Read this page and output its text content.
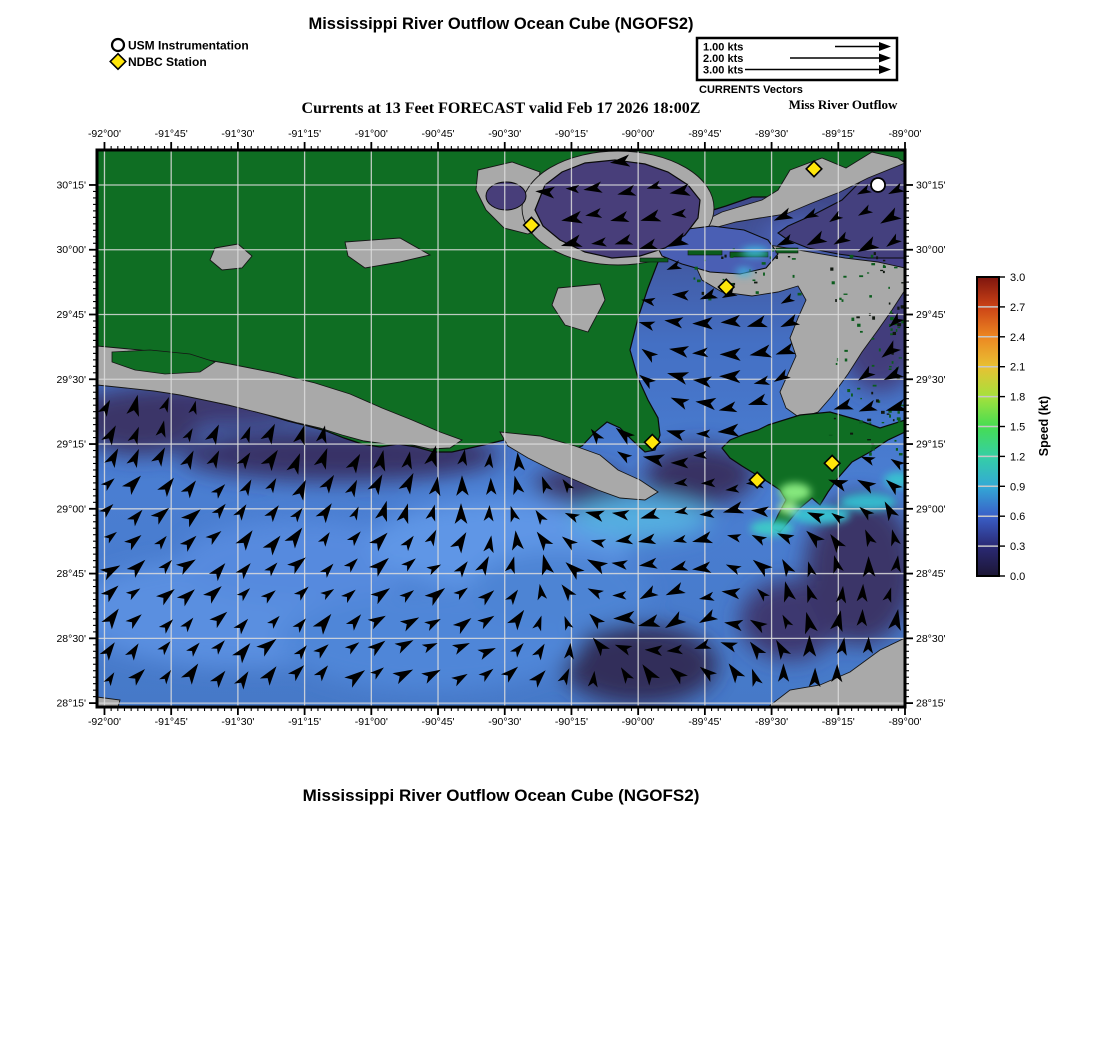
Mississippi River Outflow Ocean Cube (NGOFS2)
USM Instrumentation
NDBC Station
1.00 kts
2.00 kts
3.00 kts
CURRENTS Vectors
Currents at 13 Feet FORECAST valid Feb 17 2026 18:00Z	Miss River Outflow
-92°00'
-92°00'
-91°45'
-91°45'
-91°30'
-91°30'
-91°15'
-91°15'
-91°00'
-91°00'
-90°45'
-90°45'
-90°30'
-90°30'
-90°15'
-90°15'
-90°00'
-90°00'
-89°45'
-89°45'
-89°30'
-89°30'
-89°15'
-89°15'
-89°00'
-89°00'
30°15'	30°15'
30°00'	30°00'
29°45'	29°45'
29°30'	29°30'
29°15'	29°15'
29°00'	29°00'
28°45'	28°45'
28°30'	28°30'
28°15'	28°15'
0.0
0.3
0.6
0.9
1.2
1.5
1.8
2.1
2.4
2.7
3.0
Speed (kt)
Mississippi River Outflow Ocean Cube (NGOFS2)
